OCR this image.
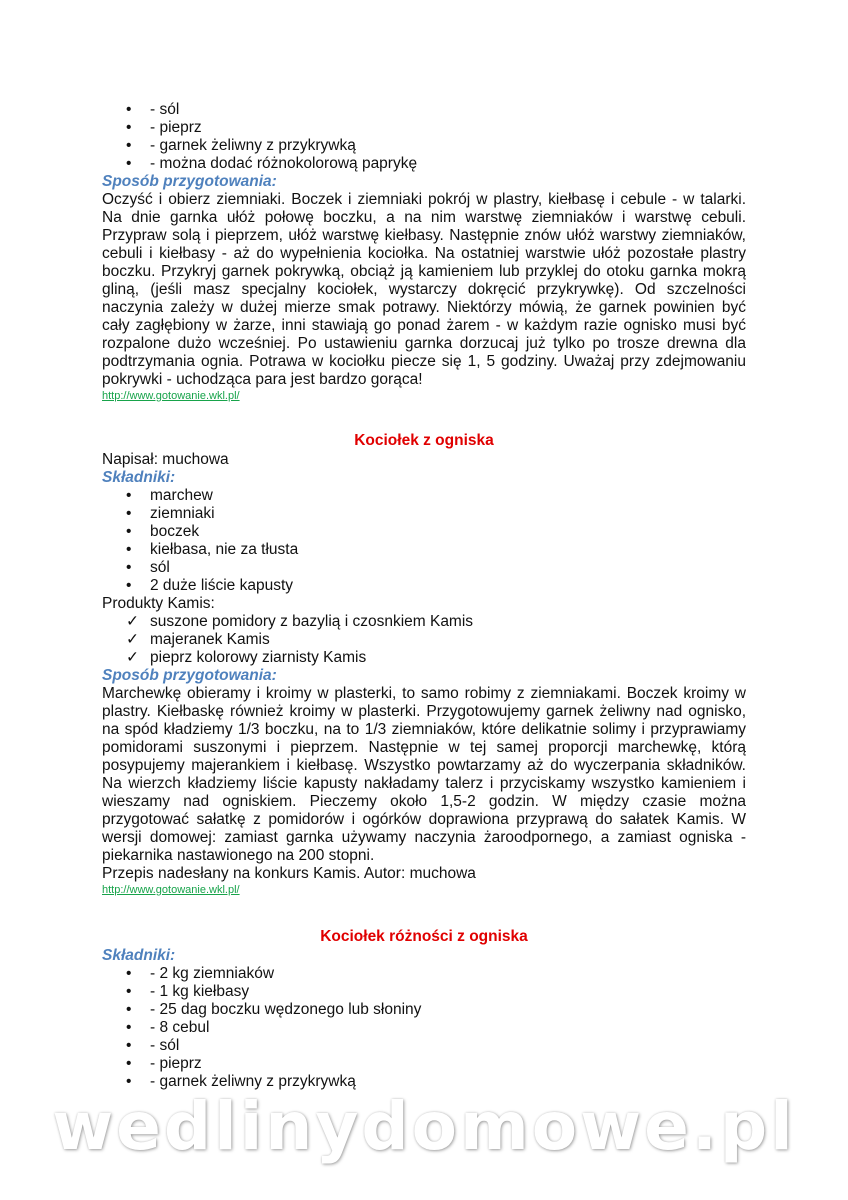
• - sól
• - pieprz
• - garnek żeliwny z przykrywką
• - można dodać różnokolorową paprykę
Sposób przygotowania:
Oczyść i obierz ziemniaki. Boczek i ziemniaki pokrój w plastry, kiełbasę i cebule - w talarki.
Na dnie garnka ułóż połowę boczku, a na nim warstwę ziemniaków i warstwę cebuli.
Przypraw solą i pieprzem, ułóż warstwę kiełbasy. Następnie znów ułóż warstwy ziemniaków,
cebuli i kiełbasy - aż do wypełnienia kociołka. Na ostatniej warstwie ułóż pozostałe plastry
boczku. Przykryj garnek pokrywką, obciąż ją kamieniem lub przyklej do otoku garnka mokrą
gliną, (jeśli masz specjalny kociołek, wystarczy dokręcić przykrywkę). Od szczelności
naczynia zależy w dużej mierze smak potrawy. Niektórzy mówią, że garnek powinien być
cały zagłębiony w żarze, inni stawiają go ponad żarem - w każdym razie ognisko musi być
rozpalone dużo wcześniej. Po ustawieniu garnka dorzucaj już tylko po trosze drewna dla
podtrzymania ognia. Potrawa w kociołku piecze się 1, 5 godziny. Uważaj przy zdejmowaniu
pokrywki - uchodząca para jest bardzo gorąca!
http://www.gotowanie.wkl.pl/
Kociołek z ogniska
Napisał: muchowa
Składniki:
• marchew
• ziemniaki
• boczek
• kiełbasa, nie za tłusta
• sól
• 2 duże liście kapusty
Produkty Kamis:
✓ suszone pomidory z bazylią i czosnkiem Kamis
✓ majeranek Kamis
✓ pieprz kolorowy ziarnisty Kamis
Sposób przygotowania:
Marchewkę obieramy i kroimy w plasterki, to samo robimy z ziemniakami. Boczek kroimy w
plastry. Kiełbaskę również kroimy w plasterki. Przygotowujemy garnek żeliwny nad ognisko,
na spód kładziemy 1/3 boczku, na to 1/3 ziemniaków, które delikatnie solimy i przyprawiamy
pomidorami suszonymi i pieprzem. Następnie w tej samej proporcji marchewkę, którą
posypujemy majerankiem i kiełbasę. Wszystko powtarzamy aż do wyczerpania składników.
Na wierzch kładziemy liście kapusty nakładamy talerz i przyciskamy wszystko kamieniem i
wieszamy nad ogniskiem. Pieczemy około 1,5-2 godzin. W między czasie można
przygotować sałatkę z pomidorów i ogórków doprawiona przyprawą do sałatek Kamis. W
wersji domowej: zamiast garnka używamy naczynia żaroodpornego, a zamiast ogniska -
piekarnika nastawionego na 200 stopni.
Przepis nadesłany na konkurs Kamis. Autor: muchowa
http://www.gotowanie.wkl.pl/
Kociołek różności z ogniska
Składniki:
• - 2 kg ziemniaków
• - 1 kg kiełbasy
• - 25 dag boczku wędzonego lub słoniny
• - 8 cebul
• - sól
• - pieprz
• - garnek żeliwny z przykrywką
wedlinydomowe.pl
